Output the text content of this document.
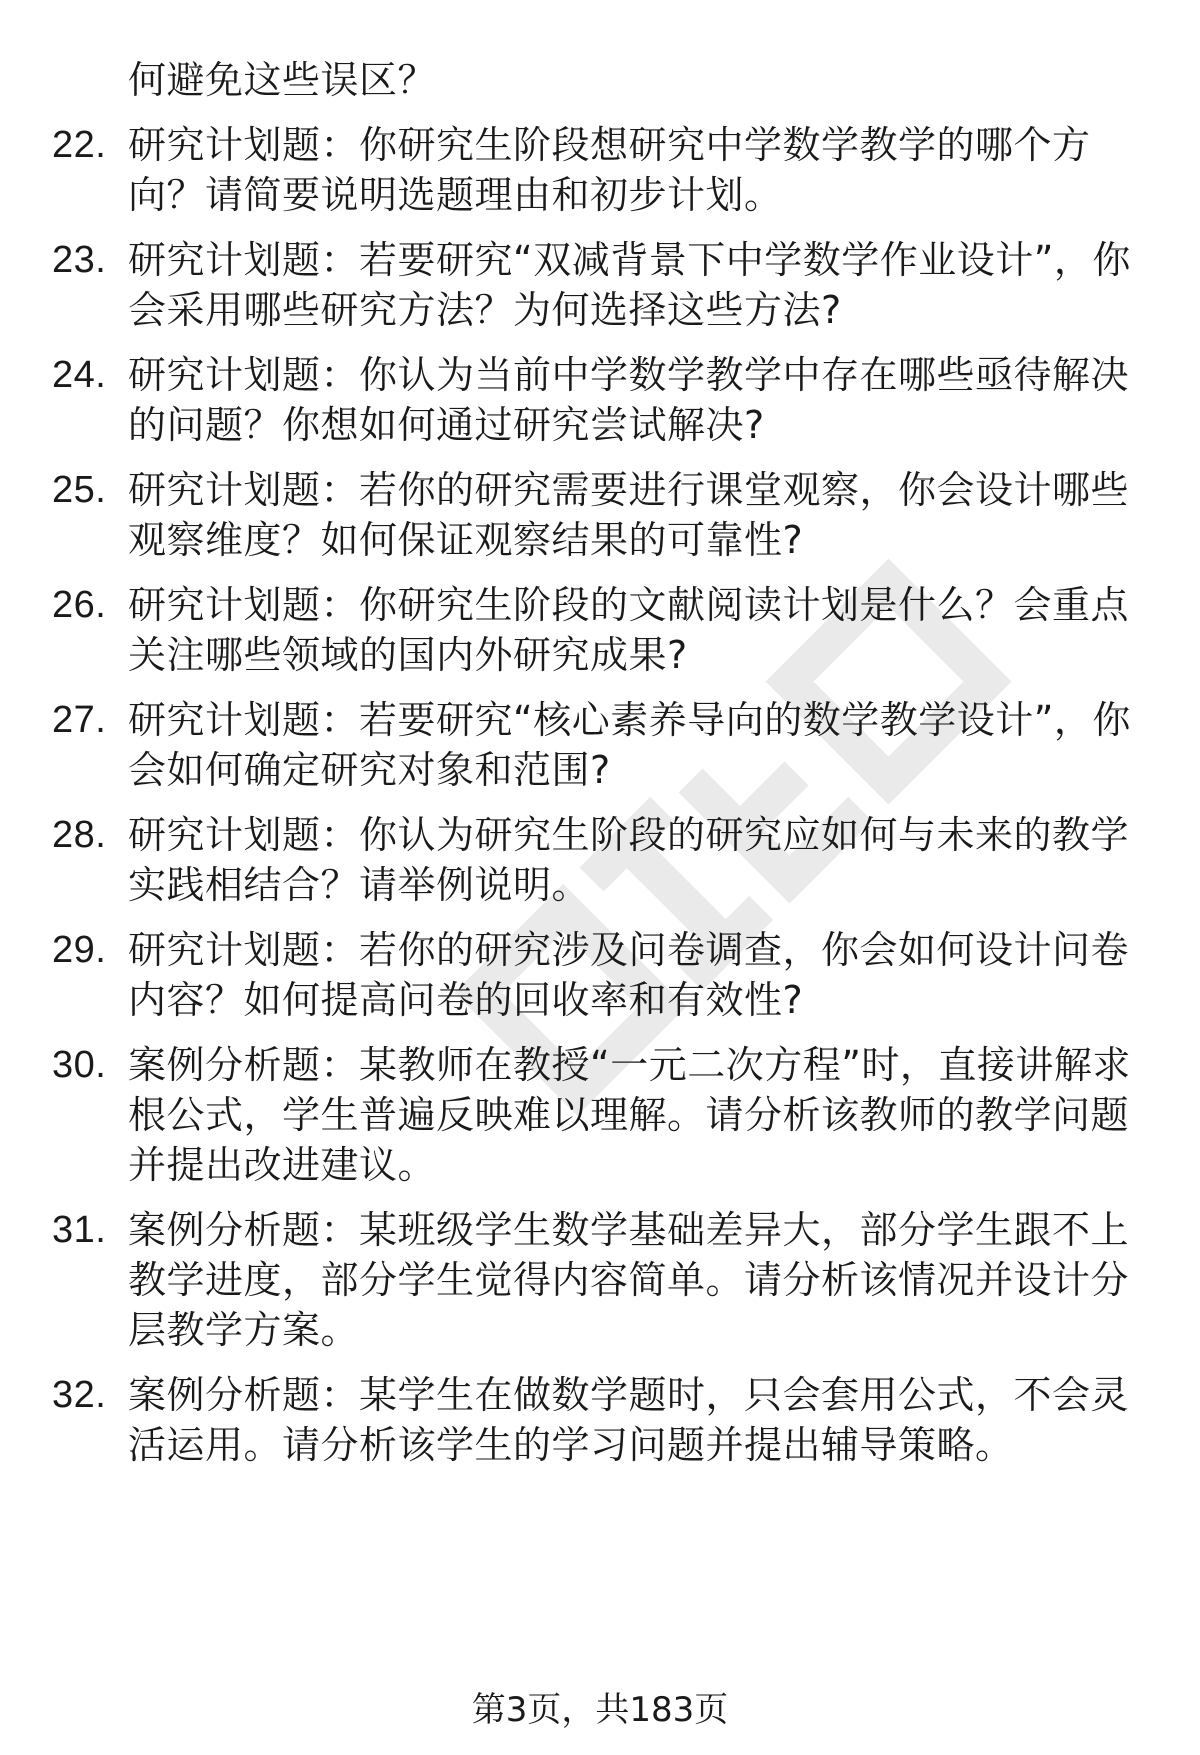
何避免这些误区？
22. 研究计划题：你研究生阶段想研究中学数学教学的哪个方向？请简要说明选题理由和初步计划。
23. 研究计划题：若要研究“双减背景下中学数学作业设计”，你会采用哪些研究方法？为何选择这些方法?
24. 研究计划题：你认为当前中学数学教学中存在哪些亟待解决的问题？你想如何通过研究尝试解决?
25. 研究计划题：若你的研究需要进行课堂观察，你会设计哪些观察维度？如何保证观察结果的可靠性?
26. 研究计划题：你研究生阶段的文献阅读计划是什么？会重点关注哪些领域的国内外研究成果?
27. 研究计划题：若要研究“核心素养导向的数学教学设计”，你会如何确定研究对象和范围?
28. 研究计划题：你认为研究生阶段的研究应如何与未来的教学实践相结合？请举例说明。
29. 研究计划题：若你的研究涉及问卷调查，你会如何设计问卷内容？如何提高问卷的回收率和有效性?
30. 案例分析题：某教师在教授“一元二次方程”时，直接讲解求根公式，学生普遍反映难以理解。请分析该教师的教学问题并提出改进建议。
31. 案例分析题：某班级学生数学基础差异大，部分学生跟不上教学进度，部分学生觉得内容简单。请分析该情况并设计分层教学方案。
32. 案例分析题：某学生在做数学题时，只会套用公式，不会灵活运用。请分析该学生的学习问题并提出辅导策略。
第3页，共183页
